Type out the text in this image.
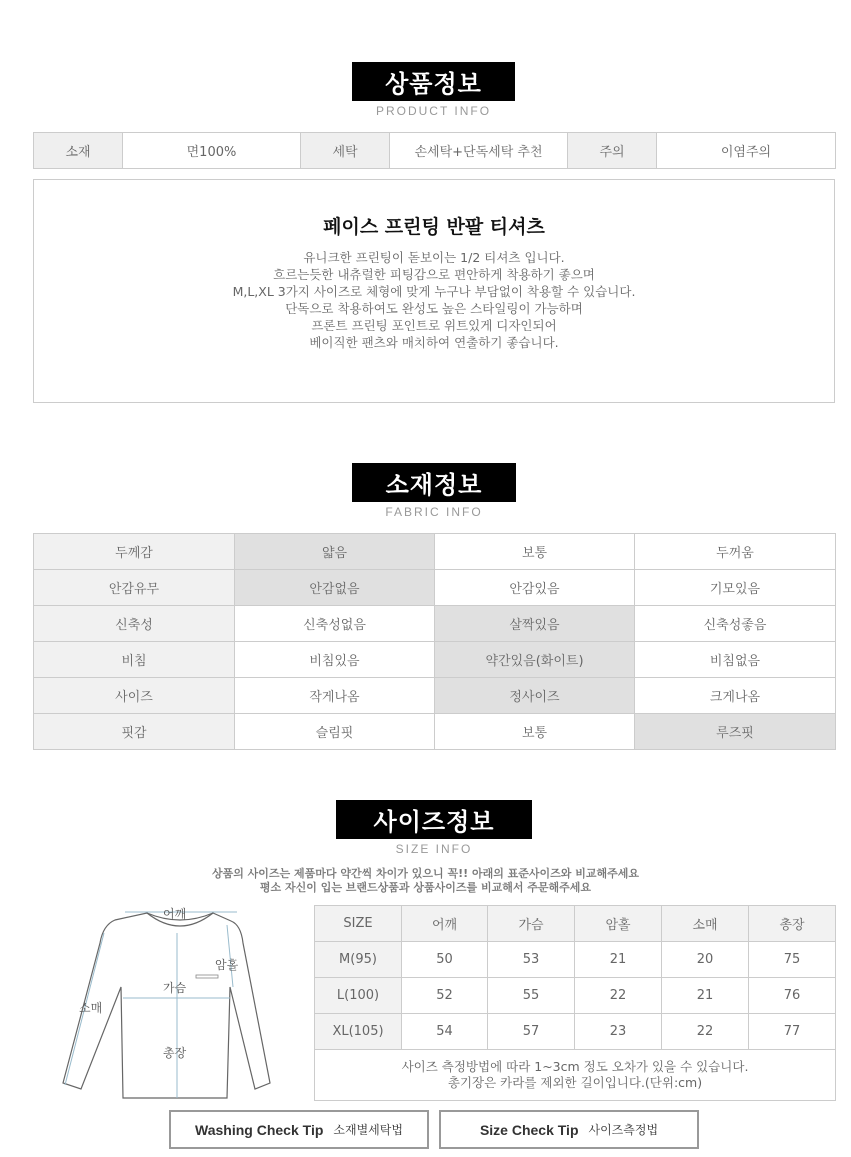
상품정보
PRODUCT INFO
소재	면100%	세탁	손세탁+단독세탁 추천	주의	이염주의
페이스 프린팅 반팔 티셔츠
유니크한 프린팅이 돋보이는 1/2 티셔츠 입니다.
흐르는듯한 내츄럴한 피팅감으로 편안하게 착용하기 좋으며
M,L,XL 3가지 사이즈로 체형에 맞게 누구나 부담없이 착용할 수 있습니다.
단독으로 착용하여도 완성도 높은 스타일링이 가능하며
프론트 프린팅 포인트로 위트있게 디자인되어
베이직한 팬츠와 매치하여 연출하기 좋습니다.
소재정보
FABRIC INFO
두께감	얇음	보통	두꺼움
안감유무	안감없음	안감있음	기모있음
신축성	신축성없음	살짝있음	신축성좋음
비침	비침있음	약간있음(화이트)	비침없음
사이즈	작게나옴	정사이즈	크게나옴
핏감	슬림핏	보통	루즈핏
사이즈정보
SIZE INFO
상품의 사이즈는 제품마다 약간씩 차이가 있으니 꼭!! 아래의 표준사이즈와 비교해주세요
평소 자신이 입는 브랜드상품과 상품사이즈를 비교해서 주문해주세요
어깨
암홀
가슴
소매
총장
SIZE	어깨	가슴	암홀	소매	총장
M(95)	50	53	21	20	75
L(100)	52	55	22	21	76
XL(105)	54	57	23	22	77

사이즈 측정방법에 따라 1~3cm 정도 오차가 있을 수 있습니다.
총기장은 카라를 제외한 길이입니다.(단위:cm)					
Washing Check Tip 소재별세탁법	Size Check Tip 사이즈측정법
